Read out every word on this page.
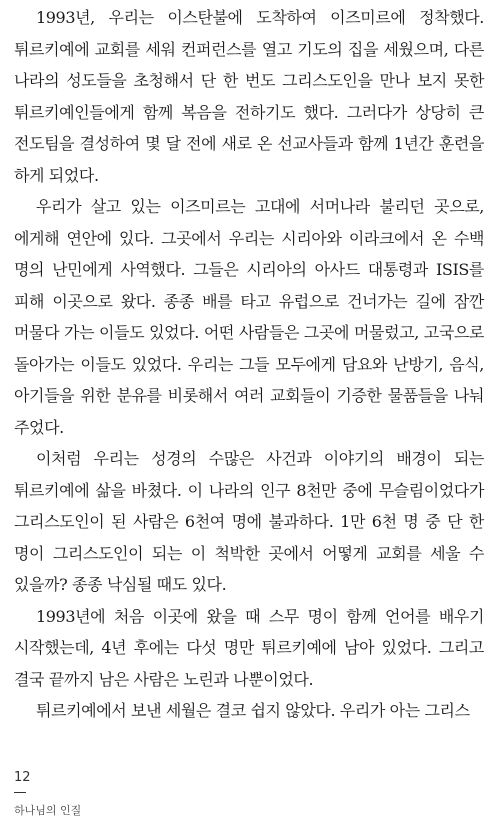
1993년, 우리는 이스탄불에 도착하여 이즈미르에 정착했다. 튀르키예에 교회를 세워 컨퍼런스를 열고 기도의 집을 세웠으며, 다른 나라의 성도들을 초청해서 단 한 번도 그리스도인을 만나 보지 못한 튀르키예인들에게 함께 복음을 전하기도 했다. 그러다가 상당히 큰 전도팀을 결성하여 몇 달 전에 새로 온 선교사들과 함께 1년간 훈련을 하게 되었다.

우리가 살고 있는 이즈미르는 고대에 서머나라 불리던 곳으로, 에게해 연안에 있다. 그곳에서 우리는 시리아와 이라크에서 온 수백 명의 난민에게 사역했다. 그들은 시리아의 아사드 대통령과 ISIS를 피해 이곳으로 왔다. 종종 배를 타고 유럽으로 건너가는 길에 잠깐 머물다 가는 이들도 있었다. 어떤 사람들은 그곳에 머물렀고, 고국으로 돌아가는 이들도 있었다. 우리는 그들 모두에게 담요와 난방기, 음식, 아기들을 위한 분유를 비롯해서 여러 교회들이 기증한 물품들을 나눠 주었다.

이처럼 우리는 성경의 수많은 사건과 이야기의 배경이 되는 튀르키예에 삶을 바쳤다. 이 나라의 인구 8천만 중에 무슬림이었다가 그리스도인이 된 사람은 6천여 명에 불과하다. 1만 6천 명 중 단 한 명이 그리스도인이 되는 이 척박한 곳에서 어떻게 교회를 세울 수 있을까? 종종 낙심될 때도 있다.

1993년에 처음 이곳에 왔을 때 스무 명이 함께 언어를 배우기 시작했는데, 4년 후에는 다섯 명만 튀르키예에 남아 있었다. 그리고 결국 끝까지 남은 사람은 노린과 나뿐이었다.

튀르키예에서 보낸 세월은 결코 쉽지 않았다. 우리가 아는 그리스

12
하나님의 인질
